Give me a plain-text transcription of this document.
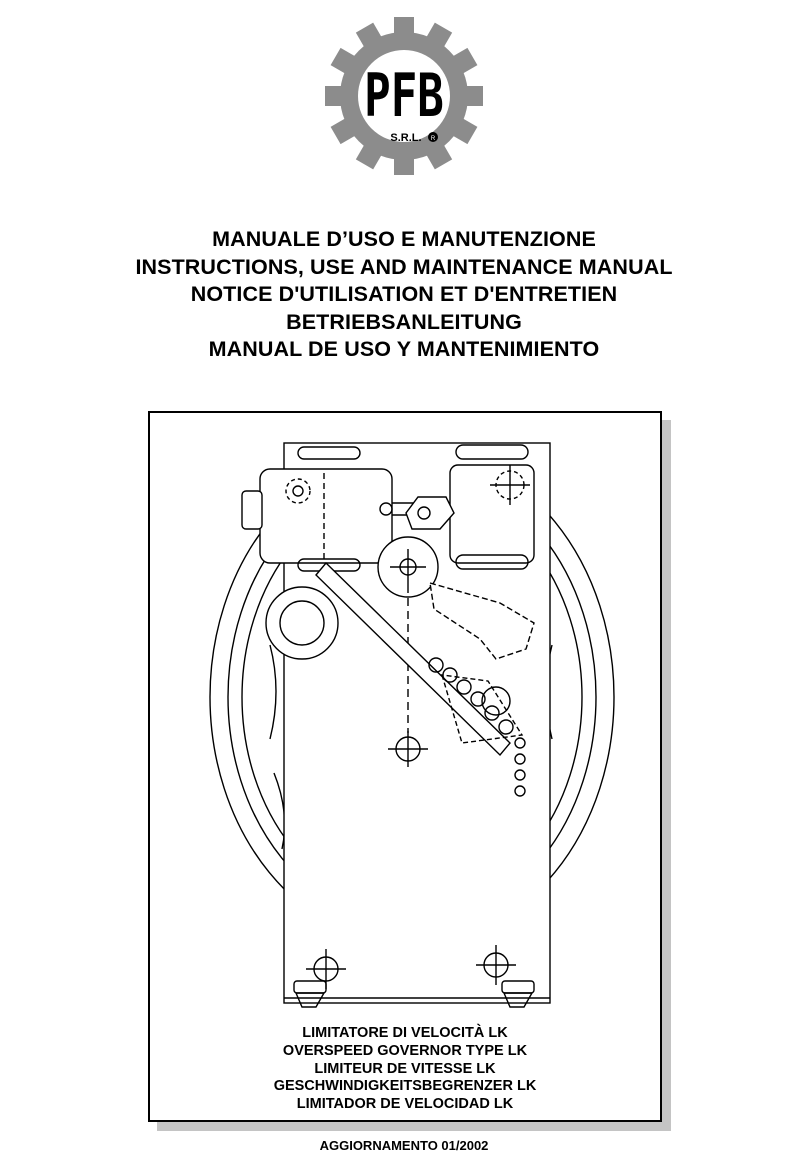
PFB
S.R.L. R
MANUALE D’USO E MANUTENZIONE
INSTRUCTIONS, USE AND MAINTENANCE MANUAL
NOTICE D'UTILISATION ET D'ENTRETIEN
BETRIEBSANLEITUNG
MANUAL DE USO Y MANTENIMIENTO
LIMITATORE DI VELOCITÀ LK
OVERSPEED GOVERNOR TYPE LK
LIMITEUR DE VITESSE LK
GESCHWINDIGKEITSBEGRENZER LK
LIMITADOR DE VELOCIDAD LK
AGGIORNAMENTO 01/2002
